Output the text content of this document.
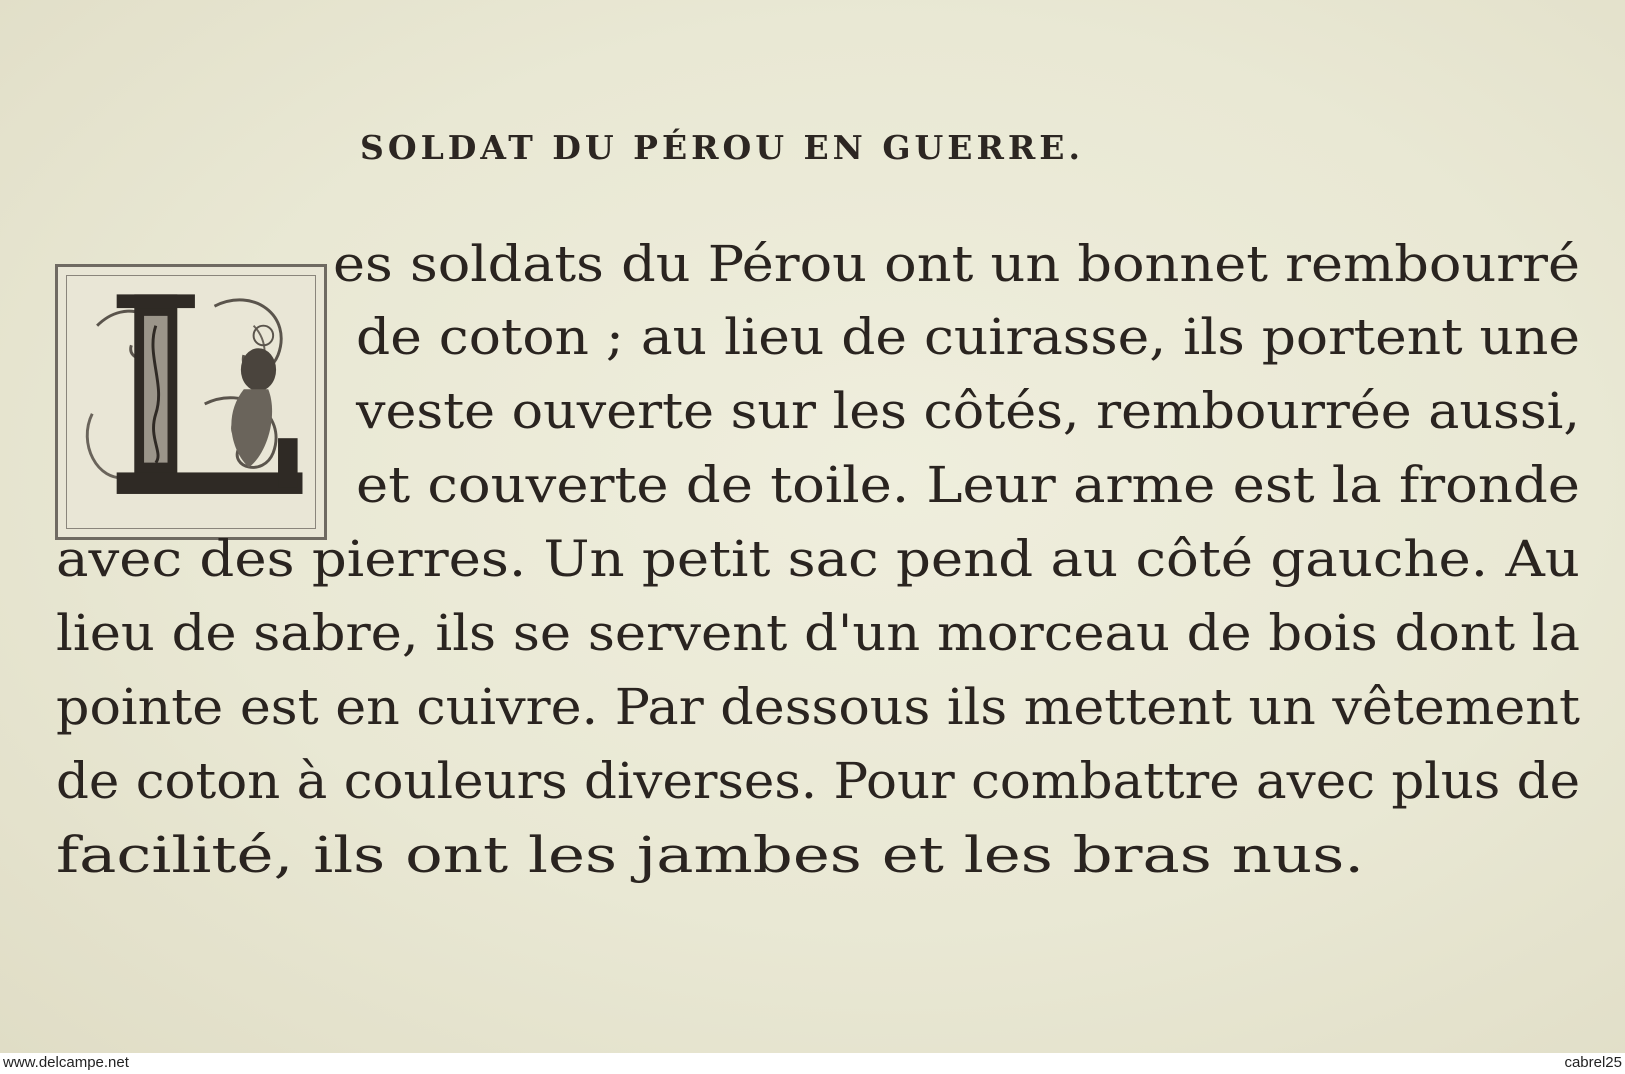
SOLDAT DU PÉROU EN GUERRE.
es soldats du Pérou ont un bonnet rembourré
de coton ; au lieu de cuirasse, ils portent une
veste ouverte sur les côtés, rembourrée aussi,
et couverte de toile. Leur arme est la fronde
avec des pierres. Un petit sac pend au côté gauche. Au
lieu de sabre, ils se servent d'un morceau de bois dont la
pointe est en cuivre. Par dessous ils mettent un vêtement
de coton à couleurs diverses. Pour combattre avec plus de
facilité, ils ont les jambes et les bras nus.
www.delcampe.net	cabrel25
